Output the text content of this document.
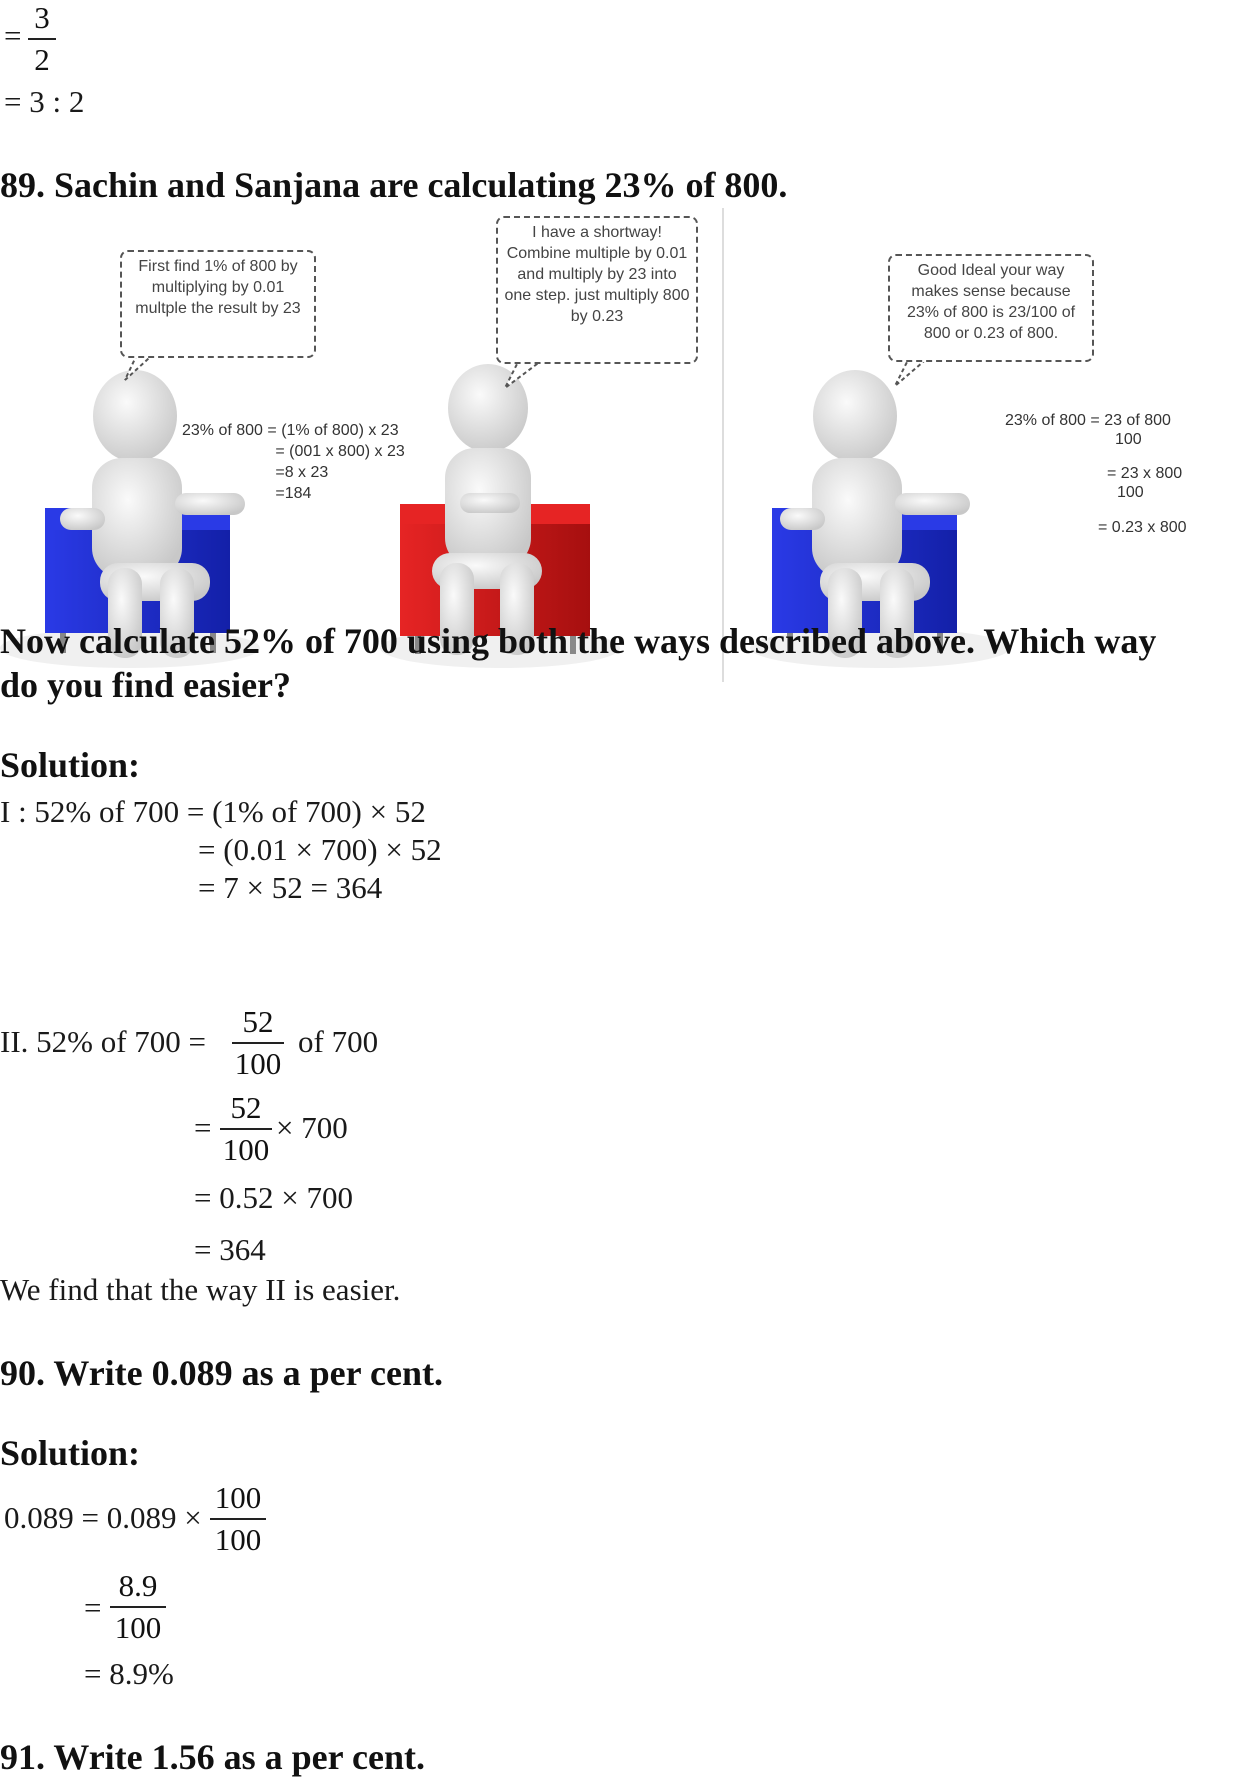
=
3
2
= 3 : 2
89. Sachin and Sanjana are calculating 23% of 800.
First find 1% of 800 by multiplying by 0.01 multple the result by 23
I have a shortway! Combine multiple by 0.01 and multiply by 23 into one step. just multiply 800 by 0.23
Good Ideal your way makes sense because 23% of 800 is 23/100 of 800 or 0.23 of 800.
23% of 800 = (1% of 800) x 23
= (001 x 800) x 23
=8 x 23
=184
23% of 800 = 23 of 800
100
= 23 x 800
100
= 0.23 x 800
Now calculate 52% of 700 using both the ways described above. Which way
do you find easier?
Solution:
I : 52% of 700 = (1% of 700) × 52
= (0.01 × 700) × 52
= 7 × 52 = 364
II. 52% of 700 =
52
100
of 700
=
52
100
× 700
= 0.52 × 700
= 364
We find that the way II is easier.
90. Write 0.089 as a per cent.
Solution:
0.089 = 0.089 ×
100
100
=
8.9
100
= 8.9%
91. Write 1.56 as a per cent.
